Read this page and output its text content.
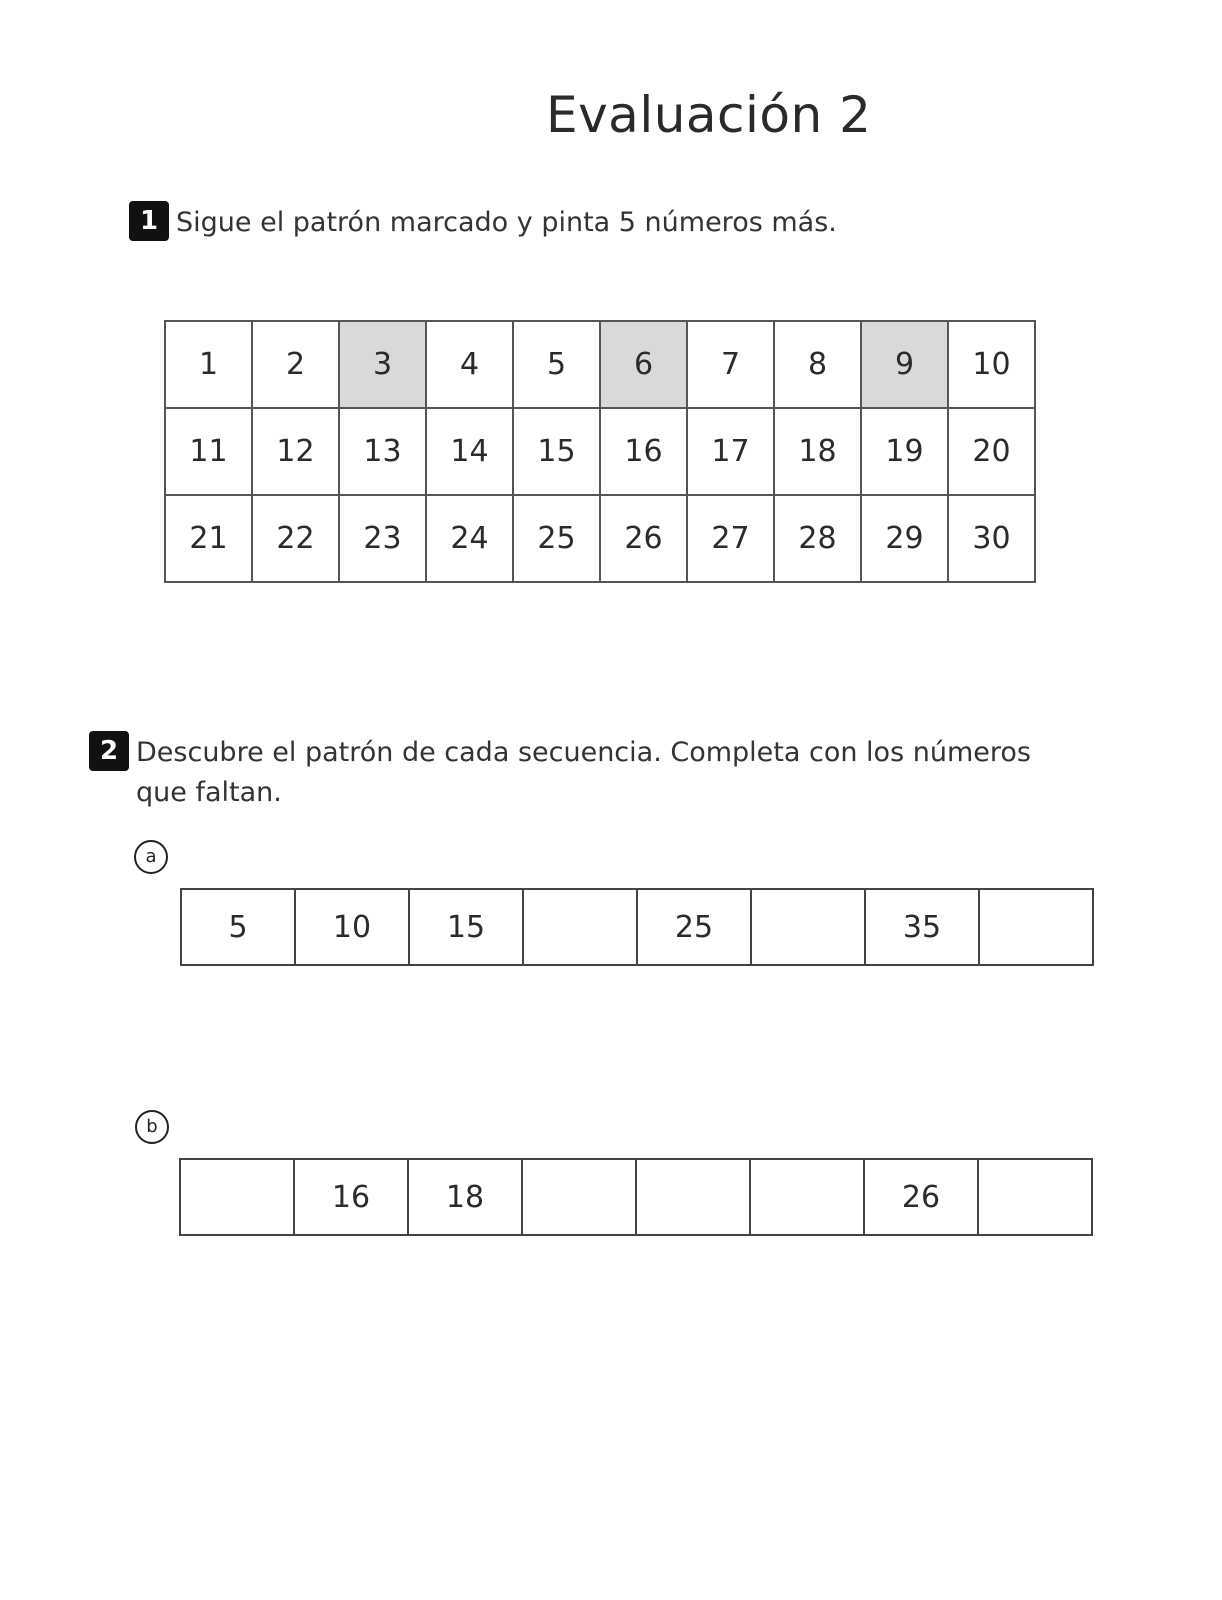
Evaluación 2
1 Sigue el patrón marcado y pinta 5 números más.

1	2	3	4	5	6	7	8	9	10
11	12	13	14	15	16	17	18	19	20
21	22	23	24	25	26	27	28	29	30
2 Descubre el patrón de cada secuencia. Completa con los números que faltan.

a
5	10	15		25		35	
b
	16	18				26	
